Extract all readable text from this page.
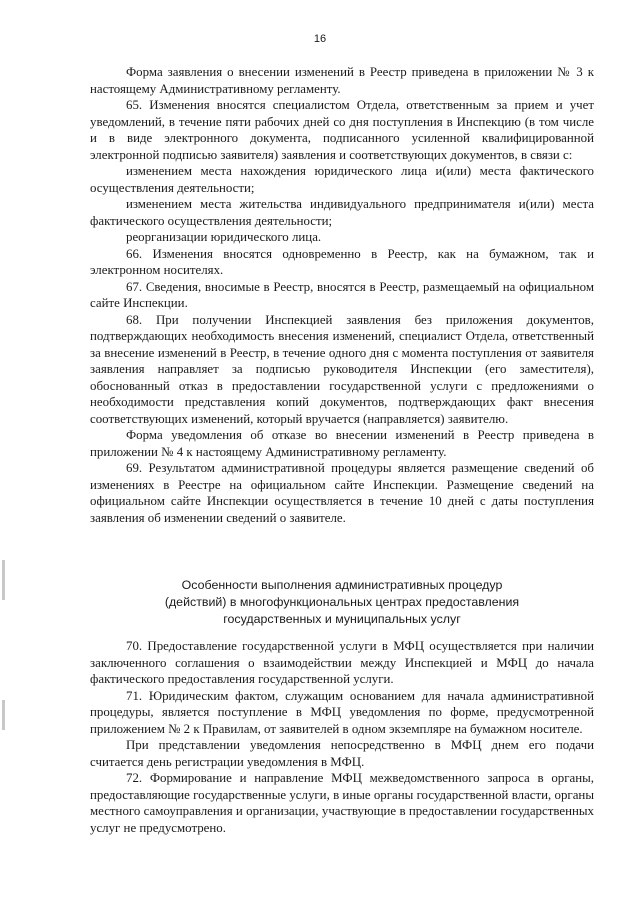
16

Форма заявления о внесении изменений в Реестр приведена в приложении № 3 к настоящему Административному регламенту.

65. Изменения вносятся специалистом Отдела, ответственным за прием и учет уведомлений, в течение пяти рабочих дней со дня поступления в Инспекцию (в том числе и в виде электронного документа, подписанного усиленной квалифицированной электронной подписью заявителя) заявления и соответствующих документов, в связи с:

изменением места нахождения юридического лица и(или) места фактического осуществления деятельности;

изменением места жительства индивидуального предпринимателя и(или) места фактического осуществления деятельности;

реорганизации юридического лица.

66. Изменения вносятся одновременно в Реестр, как на бумажном, так и электронном носителях.

67. Сведения, вносимые в Реестр, вносятся в Реестр, размещаемый на официальном сайте Инспекции.

68. При получении Инспекцией заявления без приложения документов, подтверждающих необходимость внесения изменений, специалист Отдела, ответственный за внесение изменений в Реестр, в течение одного дня с момента поступления от заявителя заявления направляет за подписью руководителя Инспекции (его заместителя), обоснованный отказ в предоставлении государственной услуги с предложениями о необходимости представления копий документов, подтверждающих факт внесения соответствующих изменений, который вручается (направляется) заявителю.

Форма уведомления об отказе во внесении изменений в Реестр приведена в приложении № 4 к настоящему Административному регламенту.

69. Результатом административной процедуры является размещение сведений об изменениях в Реестре на официальном сайте Инспекции. Размещение сведений на официальном сайте Инспекции осуществляется в течение 10 дней с даты поступления заявления об изменении сведений о заявителе.

Особенности выполнения административных процедур
(действий) в многофункциональных центрах предоставления
государственных и муниципальных услуг

70. Предоставление государственной услуги в МФЦ осуществляется при наличии заключенного соглашения о взаимодействии между Инспекцией и МФЦ до начала фактического предоставления государственной услуги.

71. Юридическим фактом, служащим основанием для начала административной процедуры, является поступление в МФЦ уведомления по форме, предусмотренной приложением № 2 к Правилам, от заявителей в одном экземпляре на бумажном носителе.

При представлении уведомления непосредственно в МФЦ днем его подачи считается день регистрации уведомления в МФЦ.

72. Формирование и направление МФЦ межведомственного запроса в органы, предоставляющие государственные услуги, в иные органы государственной власти, органы местного самоуправления и организации, участвующие в предоставлении государственных услуг не предусмотрено.
